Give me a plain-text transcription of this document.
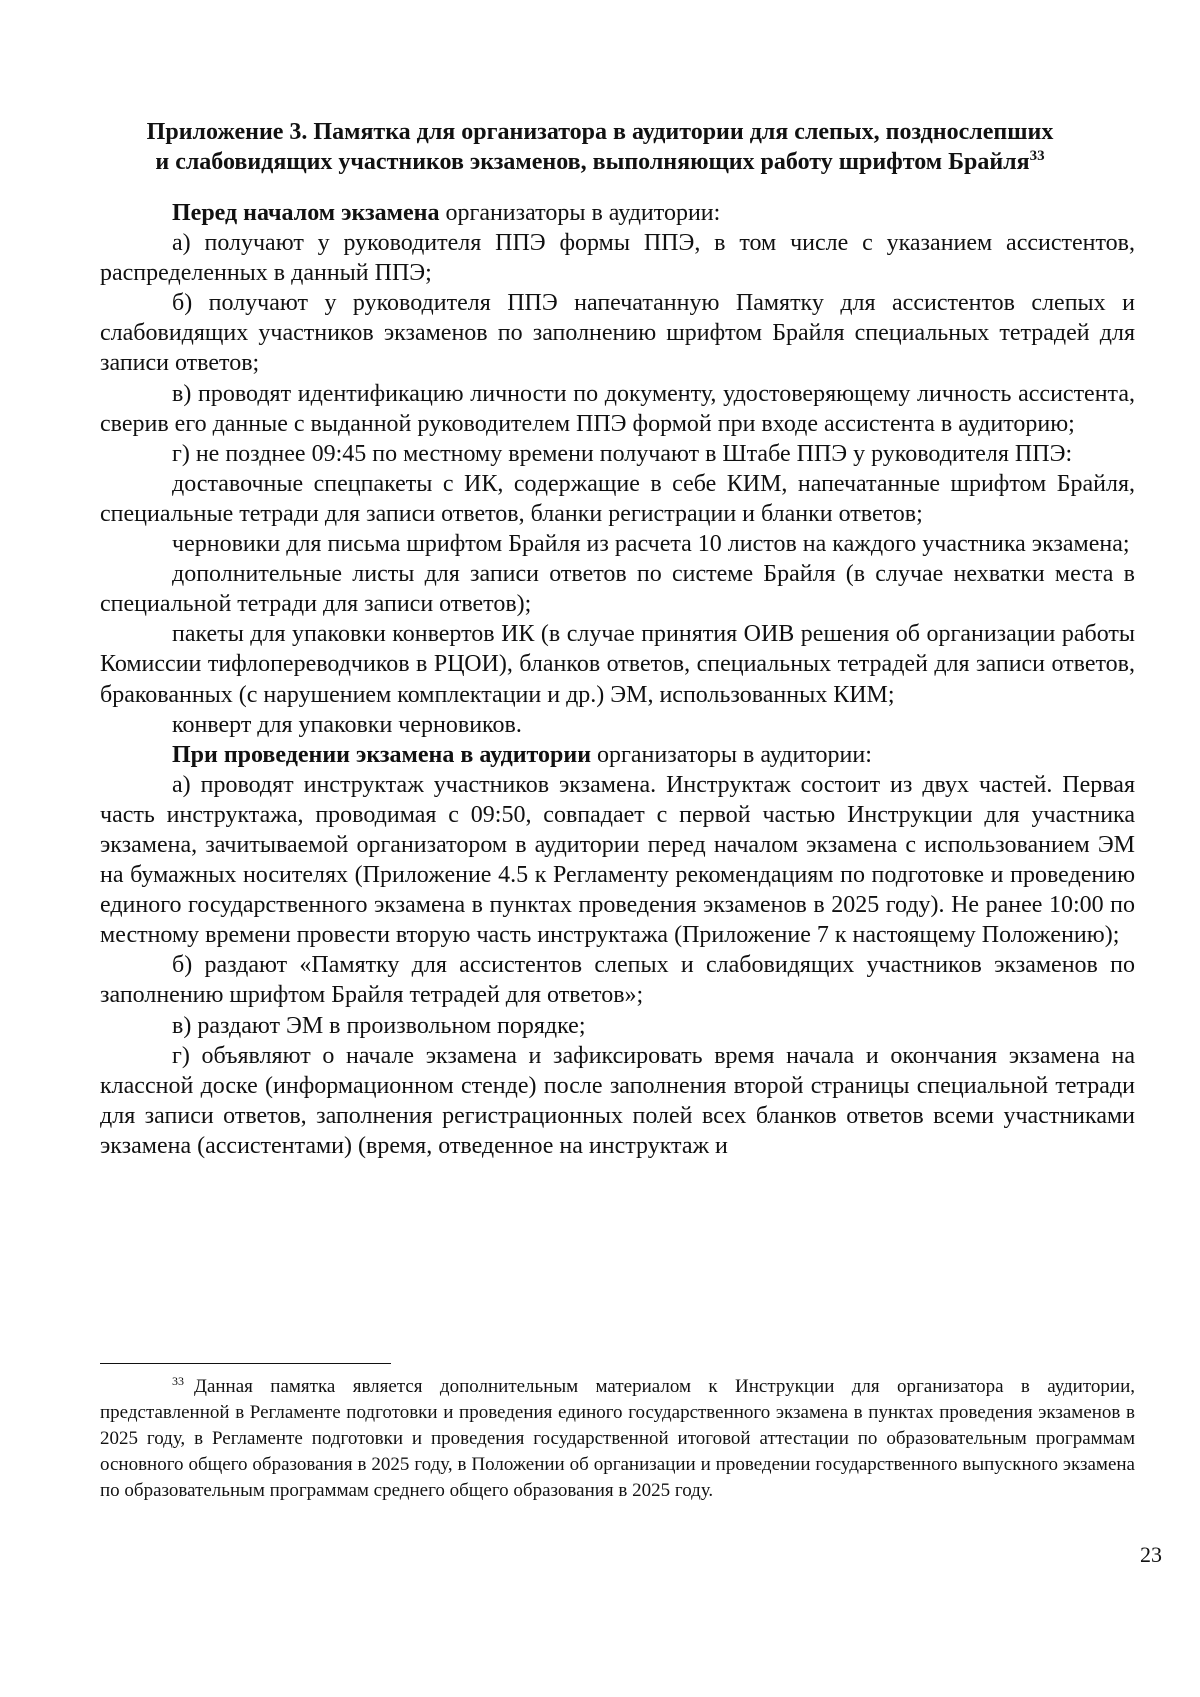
Приложение 3. Памятка для организатора в аудитории для слепых, позднослепших
и слабовидящих участников экзаменов, выполняющих работу шрифтом Брайля$^{33}$

Перед началом экзамена организаторы в аудитории:

а) получают у руководителя ППЭ формы ППЭ, в том числе с указанием ассистентов, распределенных в данный ППЭ;

б) получают у руководителя ППЭ напечатанную Памятку для ассистентов слепых и слабовидящих участников экзаменов по заполнению шрифтом Брайля специальных тетрадей для записи ответов;

в) проводят идентификацию личности по документу, удостоверяющему личность ассистента, сверив его данные с выданной руководителем ППЭ формой при входе ассистента в аудиторию;

г) не позднее 09:45 по местному времени получают в Штабе ППЭ у руководителя ППЭ:

доставочные спецпакеты с ИК, содержащие в себе КИМ, напечатанные шрифтом Брайля, специальные тетради для записи ответов, бланки регистрации и бланки ответов;

черновики для письма шрифтом Брайля из расчета 10 листов на каждого участника экзамена;

дополнительные листы для записи ответов по системе Брайля (в случае нехватки места в специальной тетради для записи ответов);

пакеты для упаковки конвертов ИК (в случае принятия ОИВ решения об организации работы Комиссии тифлопереводчиков в РЦОИ), бланков ответов, специальных тетрадей для записи ответов, бракованных (с нарушением комплектации и др.) ЭМ, использованных КИМ;

конверт для упаковки черновиков.

При проведении экзамена в аудитории организаторы в аудитории:

а) проводят инструктаж участников экзамена. Инструктаж состоит из двух частей. Первая часть инструктажа, проводимая с 09:50, совпадает с первой частью Инструкции для участника экзамена, зачитываемой организатором в аудитории перед началом экзамена с использованием ЭМ на бумажных носителях (Приложение 4.5 к Регламенту рекомендациям по подготовке и проведению единого государственного экзамена в пунктах проведения экзаменов в 2025 году). Не ранее 10:00 по местному времени провести вторую часть инструктажа (Приложение 7 к настоящему Положению);

б) раздают «Памятку для ассистентов слепых и слабовидящих участников экзаменов по заполнению шрифтом Брайля тетрадей для ответов»;

в) раздают ЭМ в произвольном порядке;

г) объявляют о начале экзамена и зафиксировать время начала и окончания экзамена на классной доске (информационном стенде) после заполнения второй страницы специальной тетради для записи ответов, заполнения регистрационных полей всех бланков ответов всеми участниками экзамена (ассистентами) (время, отведенное на инструктаж и

$^{33}$ Данная памятка является дополнительным материалом к Инструкции для организатора в аудитории, представленной в Регламенте подготовки и проведения единого государственного экзамена в пунктах проведения экзаменов в 2025 году, в Регламенте подготовки и проведения государственной итоговой аттестации по образовательным программам основного общего образования в 2025 году, в Положении об организации и проведении государственного выпускного экзамена по образовательным программам среднего общего образования в 2025 году.

23
